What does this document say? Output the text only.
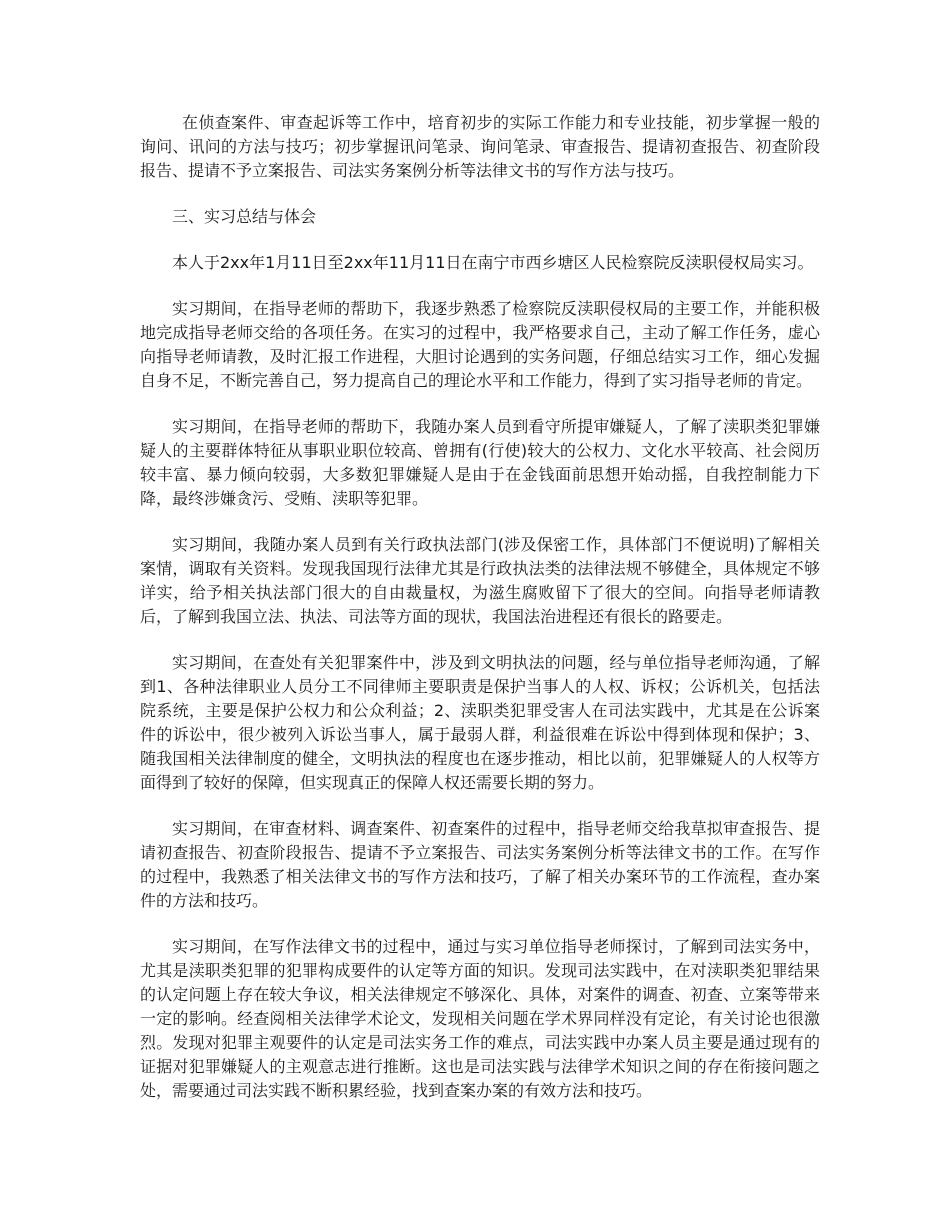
在侦查案件、审查起诉等工作中，培育初步的实际工作能力和专业技能，初步掌握一般的询问、讯问的方法与技巧；初步掌握讯问笔录、询问笔录、审查报告、提请初查报告、初查阶段报告、提请不予立案报告、司法实务案例分析等法律文书的写作方法与技巧。

三、实习总结与体会

本人于2xx年1月11日至2xx年11月11日在南宁市西乡塘区人民检察院反渎职侵权局实习。

实习期间，在指导老师的帮助下，我逐步熟悉了检察院反渎职侵权局的主要工作，并能积极地完成指导老师交给的各项任务。在实习的过程中，我严格要求自己，主动了解工作任务，虚心向指导老师请教，及时汇报工作进程，大胆讨论遇到的实务问题，仔细总结实习工作，细心发掘自身不足，不断完善自己，努力提高自己的理论水平和工作能力，得到了实习指导老师的肯定。

实习期间，在指导老师的帮助下，我随办案人员到看守所提审嫌疑人，了解了渎职类犯罪嫌疑人的主要群体特征从事职业职位较高、曾拥有(行使)较大的公权力、文化水平较高、社会阅历较丰富、暴力倾向较弱，大多数犯罪嫌疑人是由于在金钱面前思想开始动摇，自我控制能力下降，最终涉嫌贪污、受贿、渎职等犯罪。

实习期间，我随办案人员到有关行政执法部门(涉及保密工作，具体部门不便说明)了解相关案情，调取有关资料。发现我国现行法律尤其是行政执法类的法律法规不够健全，具体规定不够详实，给予相关执法部门很大的自由裁量权，为滋生腐败留下了很大的空间。向指导老师请教后，了解到我国立法、执法、司法等方面的现状，我国法治进程还有很长的路要走。

实习期间，在查处有关犯罪案件中，涉及到文明执法的问题，经与单位指导老师沟通，了解到1、各种法律职业人员分工不同律师主要职责是保护当事人的人权、诉权；公诉机关，包括法院系统，主要是保护公权力和公众利益；2、渎职类犯罪受害人在司法实践中，尤其是在公诉案件的诉讼中，很少被列入诉讼当事人，属于最弱人群，利益很难在诉讼中得到体现和保护；3、随我国相关法律制度的健全，文明执法的程度也在逐步推动，相比以前，犯罪嫌疑人的人权等方面得到了较好的保障，但实现真正的保障人权还需要长期的努力。

实习期间，在审查材料、调查案件、初查案件的过程中，指导老师交给我草拟审查报告、提请初查报告、初查阶段报告、提请不予立案报告、司法实务案例分析等法律文书的工作。在写作的过程中，我熟悉了相关法律文书的写作方法和技巧，了解了相关办案环节的工作流程，查办案件的方法和技巧。

实习期间，在写作法律文书的过程中，通过与实习单位指导老师探讨，了解到司法实务中，尤其是渎职类犯罪的犯罪构成要件的认定等方面的知识。发现司法实践中，在对渎职类犯罪结果的认定问题上存在较大争议，相关法律规定不够深化、具体，对案件的调查、初查、立案等带来一定的影响。经查阅相关法律学术论文，发现相关问题在学术界同样没有定论，有关讨论也很激烈。发现对犯罪主观要件的认定是司法实务工作的难点，司法实践中办案人员主要是通过现有的证据对犯罪嫌疑人的主观意志进行推断。这也是司法实践与法律学术知识之间的存在衔接问题之处，需要通过司法实践不断积累经验，找到查案办案的有效方法和技巧。
